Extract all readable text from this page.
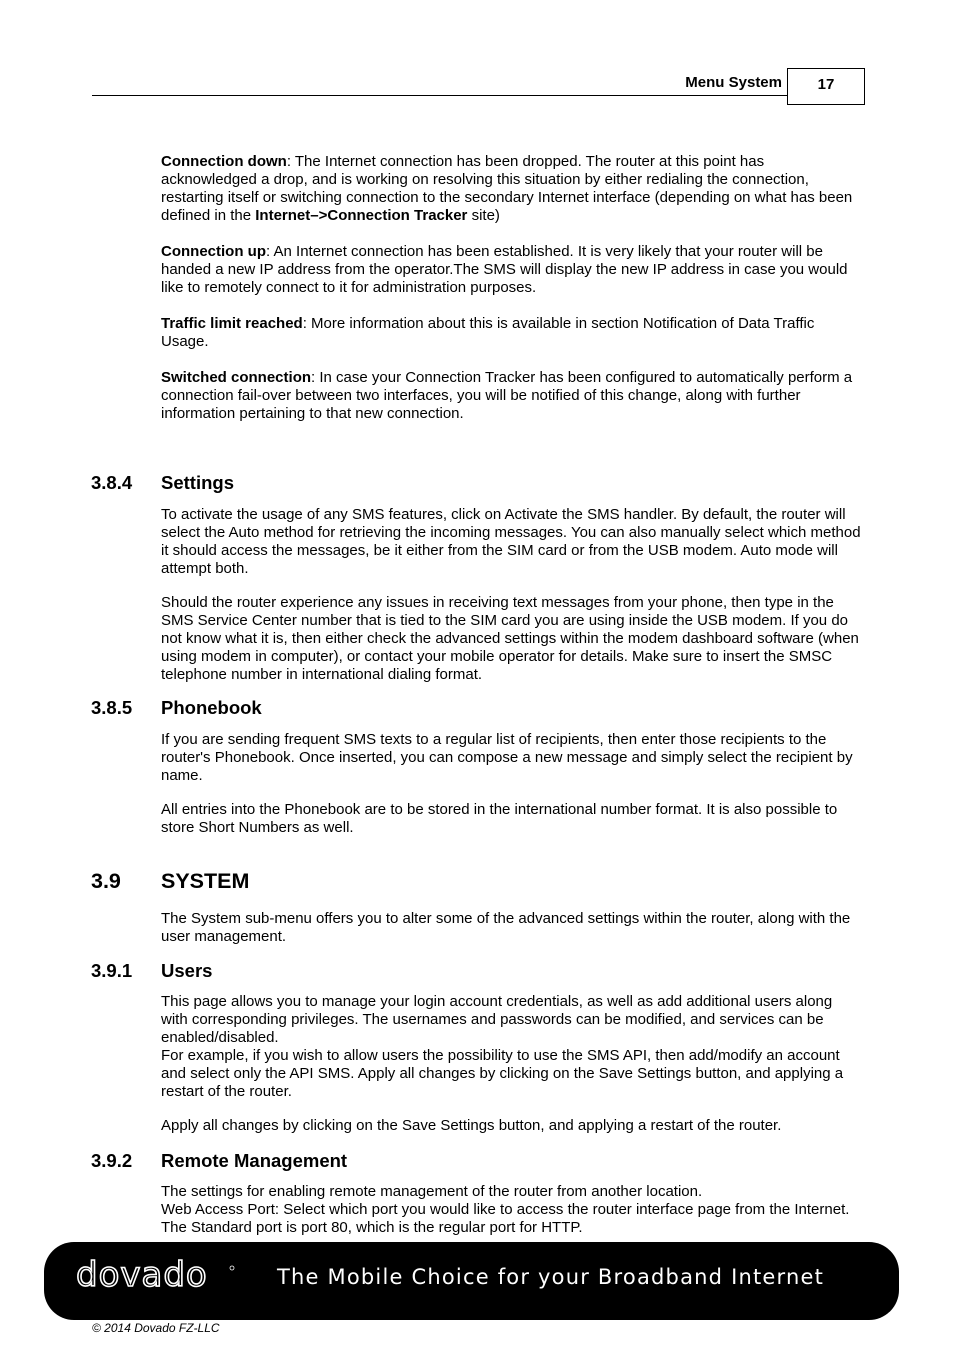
Menu System	17

Connection down: The Internet connection has been dropped. The router at this point has acknowledged a drop, and is working on resolving this situation by either redialing the connection, restarting itself or switching connection to the secondary Internet interface (depending on what has been defined in the Internet–>Connection Tracker site)

Connection up: An Internet connection has been established. It is very likely that your router will be handed a new IP address from the operator.The SMS will display the new IP address in case you would like to remotely connect to it for administration purposes.

Traffic limit reached: More information about this is available in section Notification of Data Traffic Usage.

Switched connection: In case your Connection Tracker has been configured to automatically perform a connection fail-over between two interfaces, you will be notified of this change, along with further information pertaining to that new connection.

3.8.4 Settings

To activate the usage of any SMS features, click on Activate the SMS handler. By default, the router will select the Auto method for retrieving the incoming messages. You can also manually select which method it should access the messages, be it either from the SIM card or from the USB modem. Auto mode will attempt both.

Should the router experience any issues in receiving text messages from your phone, then type in the SMS Service Center number that is tied to the SIM card you are using inside the USB modem. If you do not know what it is, then either check the advanced settings within the modem dashboard software (when using modem in computer), or contact your mobile operator for details. Make sure to insert the SMSC telephone number in international dialing format.

3.8.5 Phonebook

If you are sending frequent SMS texts to a regular list of recipients, then enter those recipients to the router's Phonebook. Once inserted, you can compose a new message and simply select the recipient by name.

All entries into the Phonebook are to be stored in the international number format. It is also possible to store Short Numbers as well.

3.9 SYSTEM

The System sub-menu offers you to alter some of the advanced settings within the router, along with the user management.

3.9.1 Users

This page allows you to manage your login account credentials, as well as add additional users along with corresponding privileges. The usernames and passwords can be modified, and services can be enabled/disabled.

For example, if you wish to allow users the possibility to use the SMS API, then add/modify an account and select only the API SMS. Apply all changes by clicking on the Save Settings button, and applying a restart of the router.

Apply all changes by clicking on the Save Settings button, and applying a restart of the router.

3.9.2 Remote Management

The settings for enabling remote management of the router from another location.

Web Access Port: Select which port you would like to access the router interface page from the Internet. The Standard port is port 80, which is the regular port for HTTP.

dovado	The Mobile Choice for your Broadband Internet
© 2014 Dovado FZ-LLC
